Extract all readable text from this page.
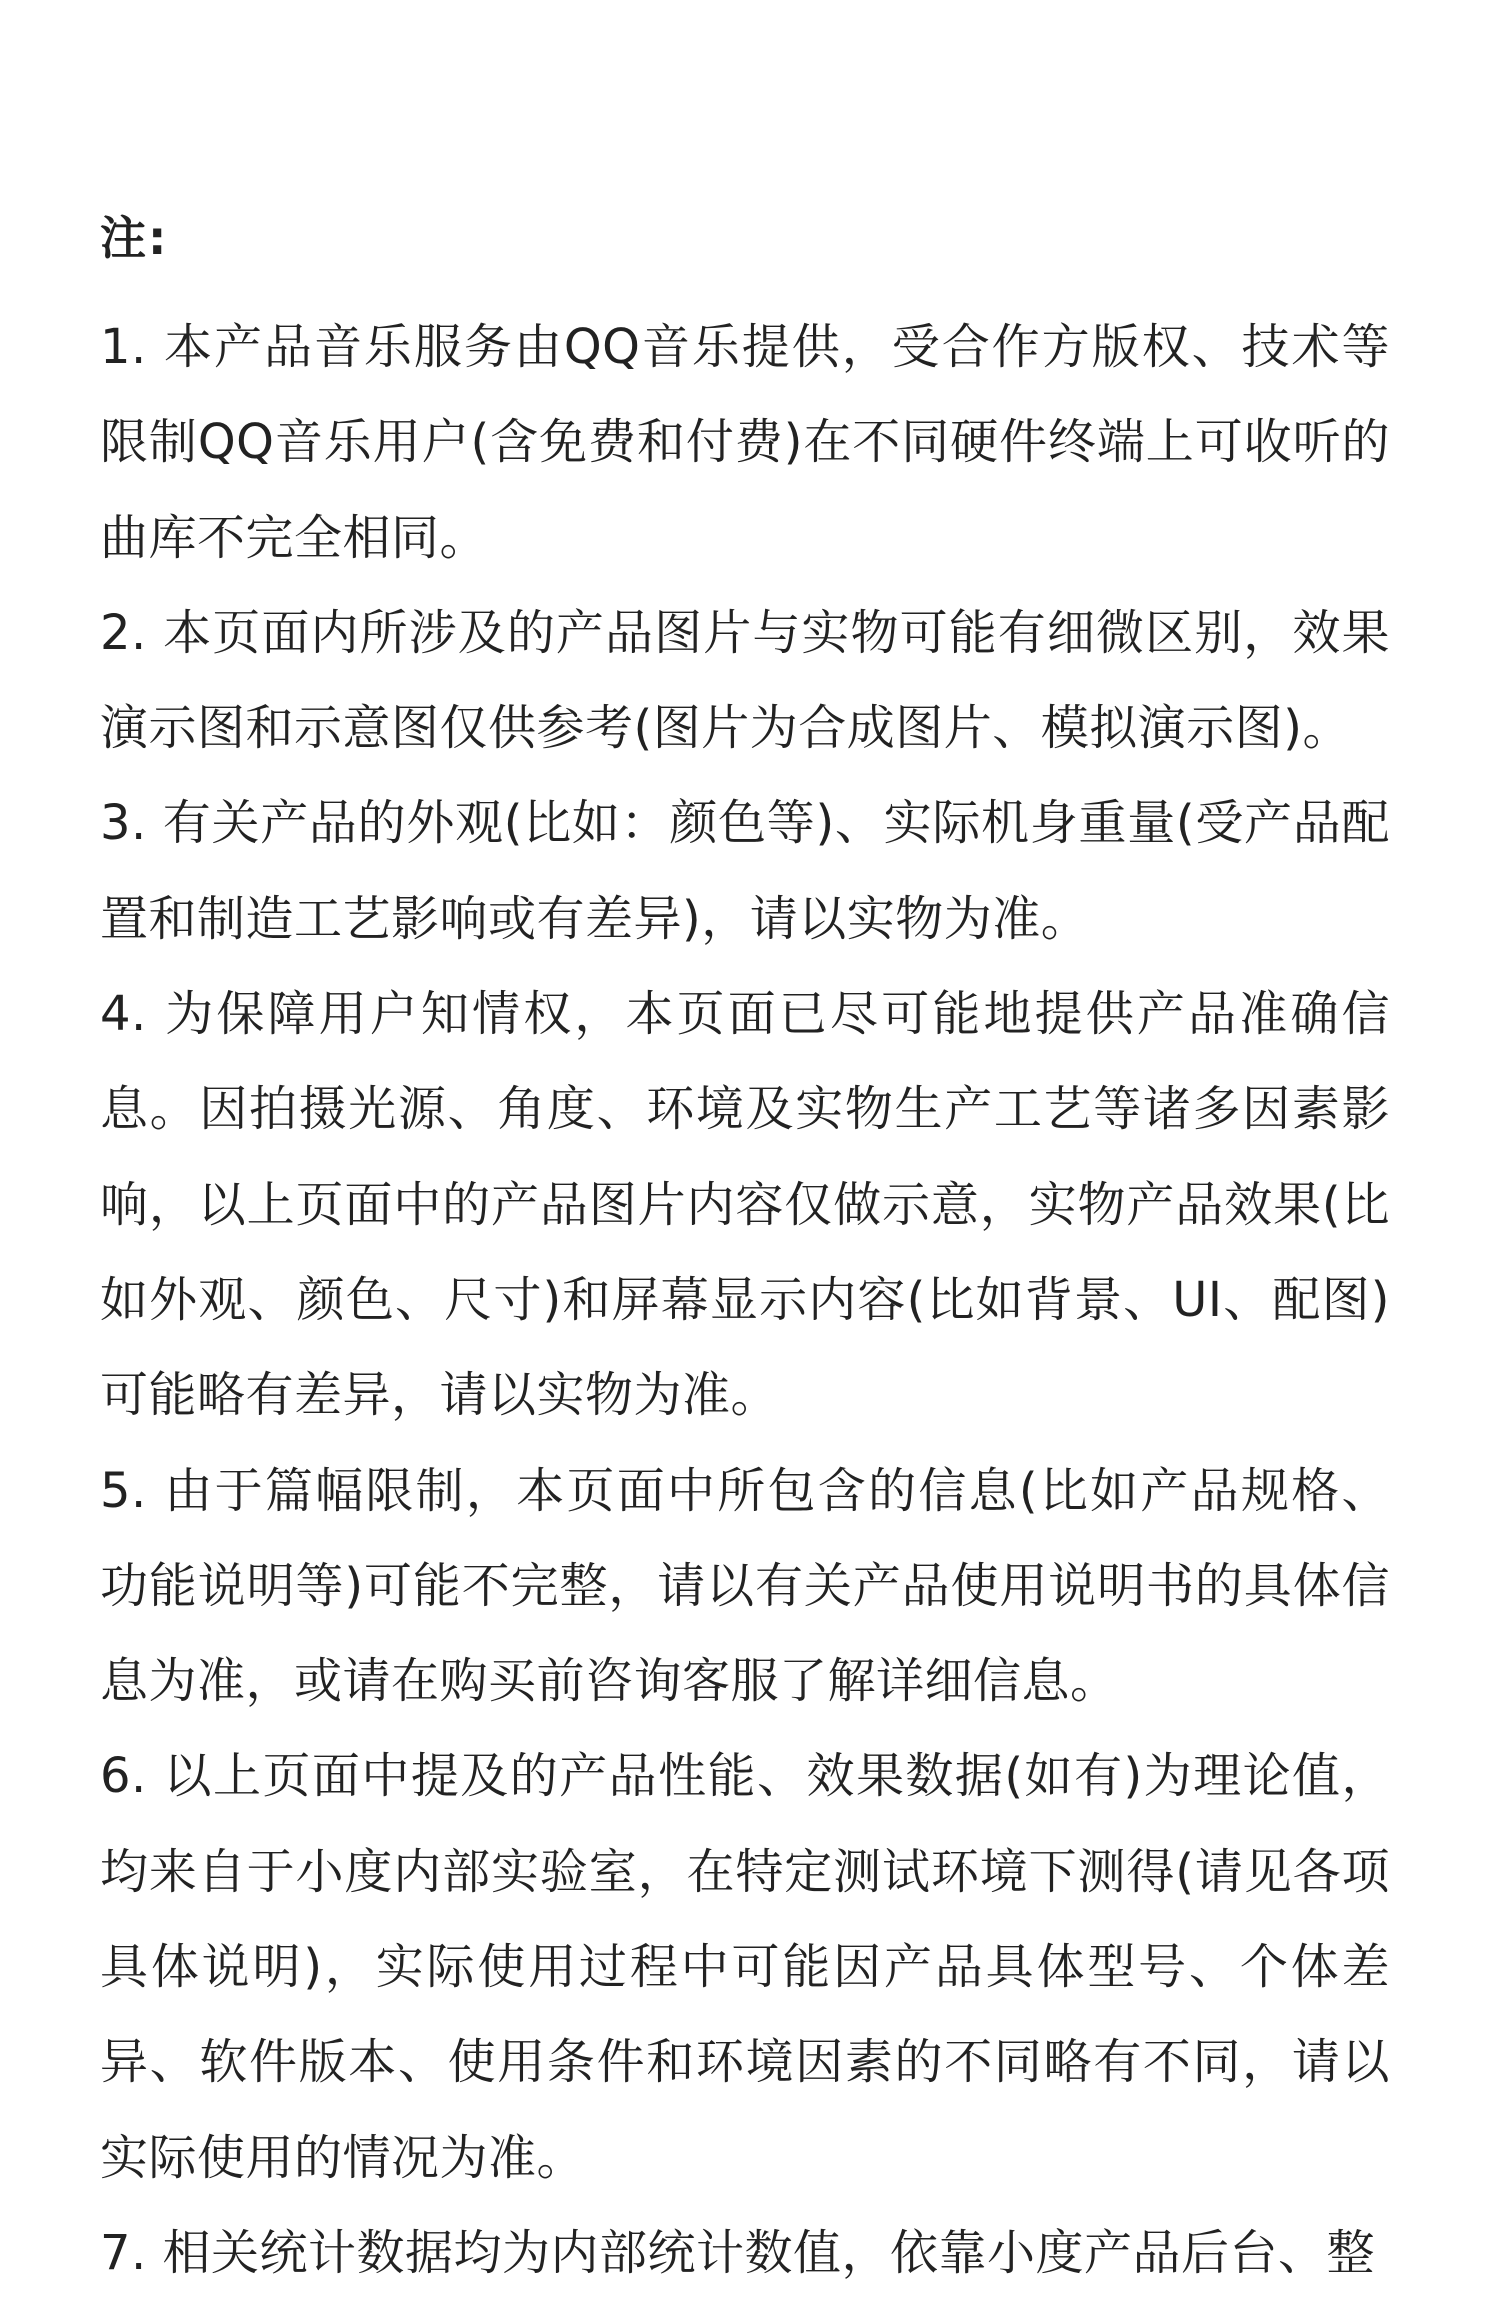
注:

1. 本产品音乐服务由QQ音乐提供，受合作方版权、技术等限制QQ音乐用户(含免费和付费)在不同硬件终端上可收听的曲库不完全相同。

2. 本页面内所涉及的产品图片与实物可能有细微区别，效果演示图和示意图仅供参考(图片为合成图片、模拟演示图)。

3. 有关产品的外观(比如：颜色等)、实际机身重量(受产品配置和制造工艺影响或有差异)，请以实物为准。

4. 为保障用户知情权，本页面已尽可能地提供产品准确信息。因拍摄光源、角度、环境及实物生产工艺等诸多因素影响，以上页面中的产品图片内容仅做示意，实物产品效果(比如外观、颜色、尺寸)和屏幕显示内容(比如背景、UI、配图)可能略有差异，请以实物为准。

5. 由于篇幅限制，本页面中所包含的信息(比如产品规格、功能说明等)可能不完整，请以有关产品使用说明书的具体信息为准，或请在购买前咨询客服了解详细信息。

6. 以上页面中提及的产品性能、效果数据(如有)为理论值，均来自于小度内部实验室，在特定测试环境下测得(请见各项具体说明)，实际使用过程中可能因产品具体型号、个体差异、软件版本、使用条件和环境因素的不同略有不同，请以实际使用的情况为准。

7. 相关统计数据均为内部统计数值，依靠小度产品后台、整
